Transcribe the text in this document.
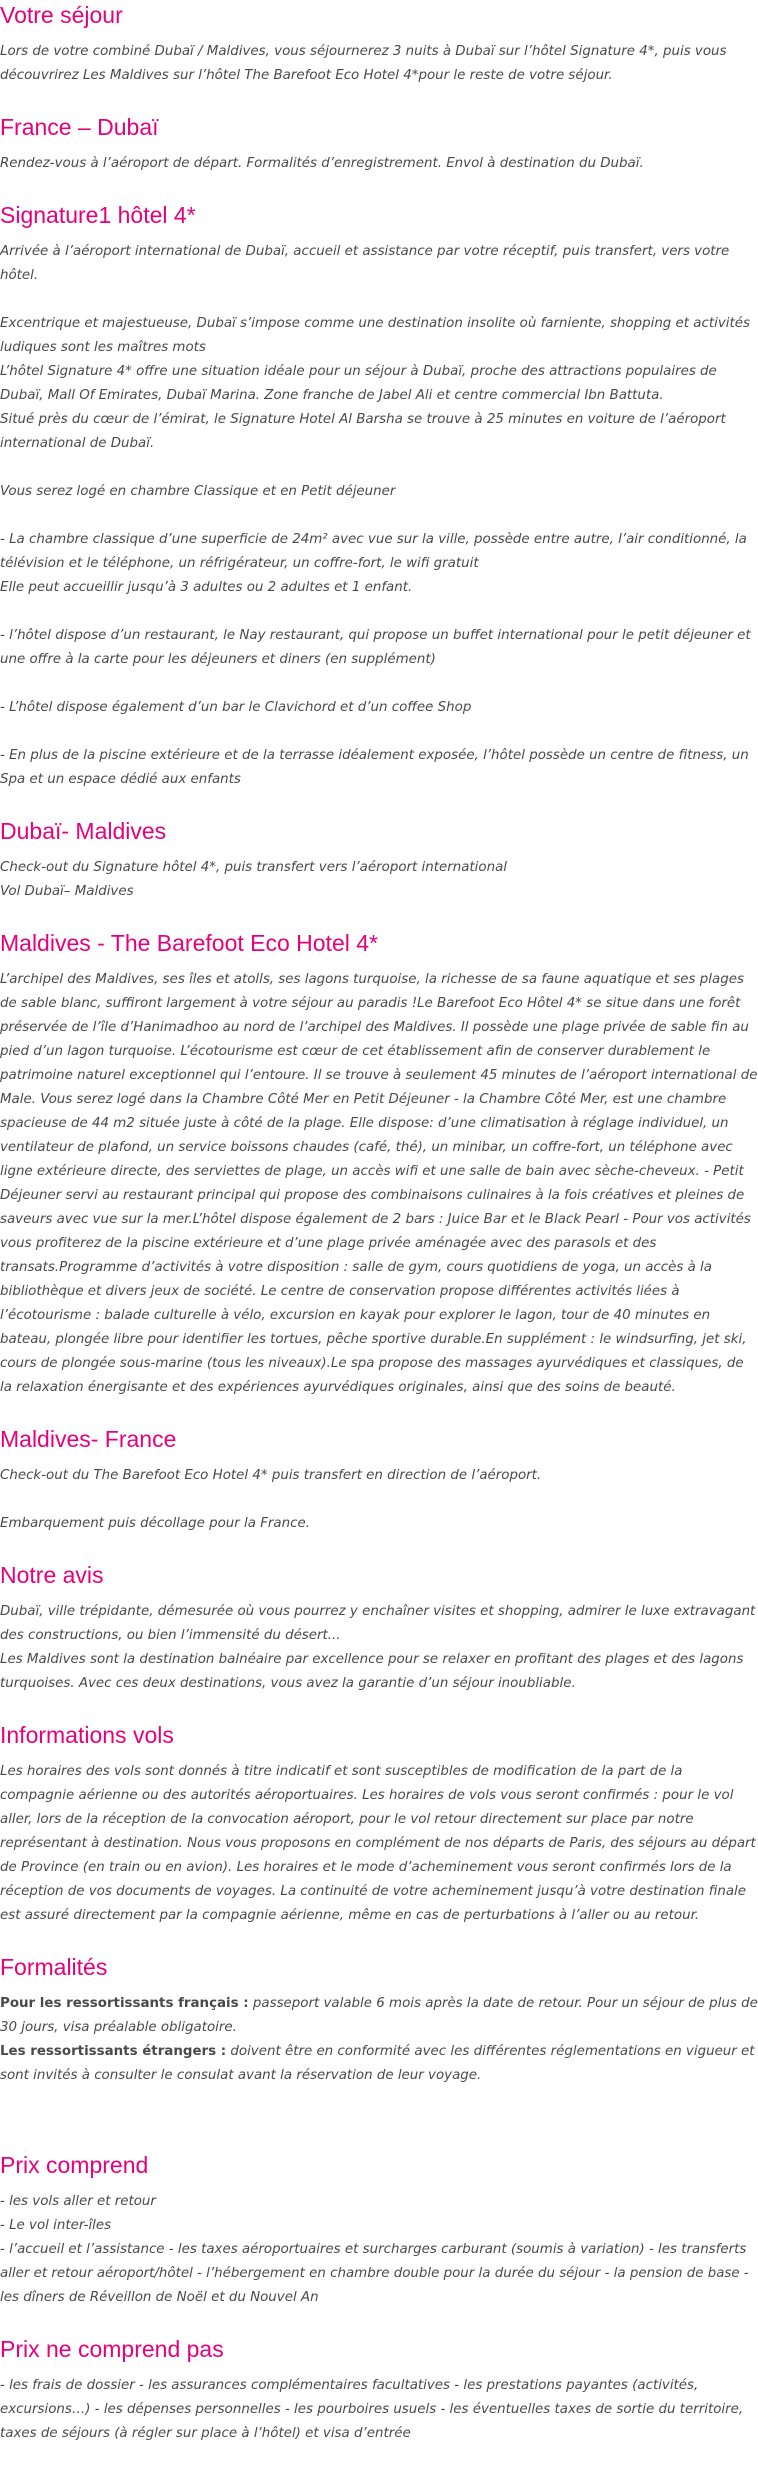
Votre séjour

Lors de votre combiné Dubaï / Maldives, vous séjournerez 3 nuits à Dubaï sur l’hôtel Signature 4*, puis vous découvrirez Les Maldives sur l’hôtel The Barefoot Eco Hotel 4*pour le reste de votre séjour.

France – Dubaï

Rendez-vous à l’aéroport de départ. Formalités d’enregistrement. Envol à destination du Dubaï.

Signature1 hôtel 4*

Arrivée à l’aéroport international de Dubaï, accueil et assistance par votre réceptif, puis transfert, vers votre hôtel.

Excentrique et majestueuse, Dubaï s’impose comme une destination insolite où farniente, shopping et activités ludiques sont les maîtres mots

L’hôtel Signature 4* offre une situation idéale pour un séjour à Dubaï, proche des attractions populaires de Dubaï, Mall Of Emirates, Dubaï Marina. Zone franche de Jabel Ali et centre commercial Ibn Battuta.

Situé près du cœur de l’émirat, le Signature Hotel Al Barsha se trouve à 25 minutes en voiture de l’aéroport international de Dubaï.

Vous serez logé en chambre Classique et en Petit déjeuner

- La chambre classique d’une superficie de 24m² avec vue sur la ville, possède entre autre, l’air conditionné, la télévision et le téléphone, un réfrigérateur, un coffre-fort, le wifi gratuit

Elle peut accueillir jusqu’à 3 adultes ou 2 adultes et 1 enfant.

- l’hôtel dispose d’un restaurant, le Nay restaurant, qui propose un buffet international pour le petit déjeuner et une offre à la carte pour les déjeuners et diners (en supplément)

- L’hôtel dispose également d’un bar le Clavichord et d’un coffee Shop

- En plus de la piscine extérieure et de la terrasse idéalement exposée, l’hôtel possède un centre de fitness, un Spa et un espace dédié aux enfants

Dubaï- Maldives

Check-out du Signature hôtel 4*, puis transfert vers l’aéroport international

Vol Dubaï– Maldives

Maldives - The Barefoot Eco Hotel 4*

L’archipel des Maldives, ses îles et atolls, ses lagons turquoise, la richesse de sa faune aquatique et ses plages de sable blanc, suffiront largement à votre séjour au paradis !Le Barefoot Eco Hôtel 4* se situe dans une forêt préservée de l’île d’Hanimadhoo au nord de l’archipel des Maldives. Il possède une plage privée de sable fin au pied d’un lagon turquoise. L’écotourisme est cœur de cet établissement afin de conserver durablement le patrimoine naturel exceptionnel qui l’entoure. Il se trouve à seulement 45 minutes de l’aéroport international de Male. Vous serez logé dans la Chambre Côté Mer en Petit Déjeuner - la Chambre Côté Mer, est une chambre spacieuse de 44 m2 située juste à côté de la plage. Elle dispose: d’une climatisation à réglage individuel, un ventilateur de plafond, un service boissons chaudes (café, thé), un minibar, un coffre-fort, un téléphone avec ligne extérieure directe, des serviettes de plage, un accès wifi et une salle de bain avec sèche-cheveux. - Petit Déjeuner servi au restaurant principal qui propose des combinaisons culinaires à la fois créatives et pleines de saveurs avec vue sur la mer.L’hôtel dispose également de 2 bars : Juice Bar et le Black Pearl - Pour vos activités vous profiterez de la piscine extérieure et d’une plage privée aménagée avec des parasols et des transats.Programme d’activités à votre disposition : salle de gym, cours quotidiens de yoga, un accès à la bibliothèque et divers jeux de société. Le centre de conservation propose différentes activités liées à l’écotourisme : balade culturelle à vélo, excursion en kayak pour explorer le lagon, tour de 40 minutes en bateau, plongée libre pour identifier les tortues, pêche sportive durable.En supplément : le windsurfing, jet ski, cours de plongée sous-marine (tous les niveaux).Le spa propose des massages ayurvédiques et classiques, de la relaxation énergisante et des expériences ayurvédiques originales, ainsi que des soins de beauté.

Maldives- France

Check-out du The Barefoot Eco Hotel 4* puis transfert en direction de l’aéroport.

Embarquement puis décollage pour la France.

Notre avis

Dubaï, ville trépidante, démesurée où vous pourrez y enchaîner visites et shopping, admirer le luxe extravagant des constructions, ou bien l’immensité du désert...

Les Maldives sont la destination balnéaire par excellence pour se relaxer en profitant des plages et des lagons turquoises. Avec ces deux destinations, vous avez la garantie d’un séjour inoubliable.

Informations vols

Les horaires des vols sont donnés à titre indicatif et sont susceptibles de modification de la part de la compagnie aérienne ou des autorités aéroportuaires. Les horaires de vols vous seront confirmés : pour le vol aller, lors de la réception de la convocation aéroport, pour le vol retour directement sur place par notre représentant à destination. Nous vous proposons en complément de nos départs de Paris, des séjours au départ de Province (en train ou en avion). Les horaires et le mode d’acheminement vous seront confirmés lors de la réception de vos documents de voyages. La continuité de votre acheminement jusqu’à votre destination finale est assuré directement par la compagnie aérienne, même en cas de perturbations à l’aller ou au retour.

Formalités

Pour les ressortissants français : passeport valable 6 mois après la date de retour. Pour un séjour de plus de 30 jours, visa préalable obligatoire.

Les ressortissants étrangers : doivent être en conformité avec les différentes réglementations en vigueur et sont invités à consulter le consulat avant la réservation de leur voyage.

Prix comprend

- les vols aller et retour

- Le vol inter-îles

- l’accueil et l’assistance - les taxes aéroportuaires et surcharges carburant (soumis à variation) - les transferts aller et retour aéroport/hôtel - l’hébergement en chambre double pour la durée du séjour - la pension de base - les dîners de Réveillon de Noël et du Nouvel An

Prix ne comprend pas

- les frais de dossier - les assurances complémentaires facultatives - les prestations payantes (activités, excursions…) - les dépenses personnelles - les pourboires usuels - les éventuelles taxes de sortie du territoire, taxes de séjours (à régler sur place à l’hôtel) et visa d’entrée
